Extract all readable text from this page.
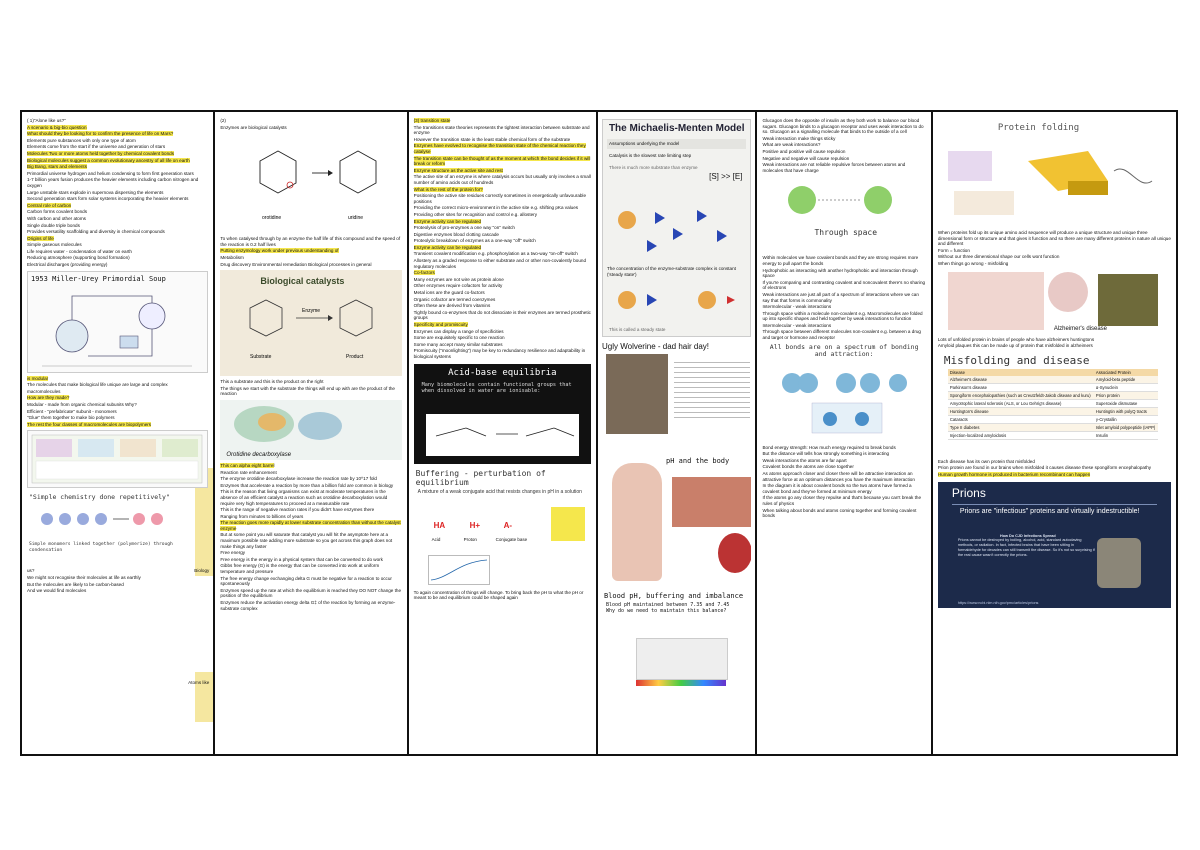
( 1)"Alone like us?"
A scenario & big-bio question
What should they be looking for to confirm the presence of life on Mars?
Elements pure substances with only one type of atom
Elements come from the start if the universe and generation of stars
Molecules Two or more atoms held together by chemical covalent bonds
Biological molecules suggest a common evolutionary ancestry of all life on earth
Big Bang, stars and elements
Primordial universe hydrogen and helium condensing to form first generation stars
1-7 billion years fusion produces the heavier elements including carbon nitrogen and oxygen
Large unstable stars explode in supernova dispersing the elements
Second generation stars form solar systems incorporating the heavier elements
Central role of carbon
Carbon forms covalent bonds
With carbon and other atoms
Single double triple bonds
Provides versatility scaffolding and diversity in chemical compounds
Origins of life
Simple gaseous molecules
Life requires water - condensation of water on earth
Reducing atmosphere (supporting bond formation)
Electrical discharges (providing energy)
1953 Miller-Urey Primordial Soup
Biology
is modular
The molecules that make biological life unique are large and complex
macromolecules
How are they made?
Modular - made from organic chemical subunits Why?
Efficient - "prefabricate" subunit - monomers
"Glue" them together to make bio polymers
The rest the four classes of macromolecules are biopolymers
"Simple chemistry done repetitively"
Simple monomers linked together (polymerize) through condensation
Atoms like
us?
We might not recognise their molecules at life as earthly
But the molecules are likely to be carbon-based
And we would find molecules
(2)
Enzymes are biological catalysts
orotidine	uridine
To when catalysed through by an enzyme the half life of this compound and the speed of the reaction is 0.2 half lives
Putting enzymology work under previous understanding of
Metabolism
Drug discovery Environmental remediation Biological processes in general
Biological catalysts
Enzyme
Substrate	Product
This a substrate and this is the product on the right
The things we start with the substrate the things will end up with are the product of the reaction
Orotidine decarboxylase
This can alpha eight barrel
Reaction rate enhancement
The enzyme orotidine decarboxylase increase the reaction rate by 10^17 fold
Enzymes that accelerate a reaction by more than a billion fold are common in biology
This is the reason that living organisms can exist at moderate temperatures in the absence of an efficient catalyst a reaction such as orotidine decarboxylation would require very high temperatures to proceed at a measurable rate
This is the range of negative reaction rates if you didn't have enzymes there
Ranging from minutes to billions of years
The reaction goes more rapidly at lower substrate concentration than without the catalyst enzyme
But at some point you will saturate that catalyst you will hit the asymptote here at a maximum possible rate adding more substrate so you get across this graph does not make things any faster
Free energy
Free energy is the energy in a physical system that can be converted to do work
Gibbs free energy (G) is the energy that can be converted into work at uniform temperature and pressure
The free energy change exchanging delta G must be negative for a reaction to occur spontaneously
Enzymes speed up the rate at which the equilibrium is reached they DO NOT change the position of the equilibrium
Enzymes reduce the activation energy delta G‡ of the reaction by forming an enzyme-substrate complex
(3) transition state
The transitions state theories represents the tightest interaction between substrate and enzyme
However the transition state is the least stable chemical form of the substrate
Enzymes have evolved to recognise the transition state of the chemical reaction they catalyse
The transition state can be thought of as the moment at which the bond decides if it will break or reform
Enzyme structure as the active site and rest
The active site of an enzyme is where catalysis occurs but usually only involves a small number of amino acids out of hundreds
What is the rest of the protein for?
Positioning the active site residues correctly sometimes in energetically unfavourable positions
Providing the correct micro-environment in the active site e.g. shifting pKa values
Providing other sites for recognition and control e.g. allostery
Enzyme activity can be regulated
Proteolysis of pro-enzymes a one way "on" switch
Digestive enzymes blood clotting cascade
Proteolytic breakdown of enzymes as a one-way "off" switch
Enzyme activity can be regulated
Transient covalent modification e.g. phosphorylation as a two-way "on-off" switch
Allostery as a graded response to either substrate and or other non-covalently bound regulatory molecules
Co-factors
Many enzymes are not wire as protein alone
Other enzymes require cofactors for activity
Metal ions are the guard co-factors
Organic cofactor are termed coenzymes
Often these are derived from vitamins
Tightly bound co-enzymes that do not dissociate is their enzymes are termed prosthetic groups
Specificity and promiscuity
Enzymes can display a range of specificities
Some are exquisitely specific to one reaction
Some many accept many similar substrates
Promiscuity ("moonlighting") may be key to redundancy resilience and adaptability in biological systems
Acid-base equilibria
Many biomolecules contain functional groups that when dissolved in water are ionisable:
Buffering - perturbation of equilibrium
A mixture of a weak conjugate acid that resists changes in pH in a solution
HA	H+	A-
Acid	Proton	Conjugate base
To again concentration of things will change. To bring back the pH to what the pH or meant to be and equilibrium could be shaped again
The Michaelis-Menten Model
Assumptions underlying the model
Catalysis is the slowest rate limiting step
There is much more substrate than enzyme
[S] >> [E]
The concentration of the enzyme-substrate complex is constant ('steady state')
This is called a steady state
Ugly Wolverine - dad hair day!
pH and the body
Blood pH, buffering and imbalance
Blood pH maintained between 7.35 and 7.45
Why do we need to maintain this balance?
Glucagon does the opposite of insulin as they both work to balance our blood sugars. Glucagon binds to a glucagon receptor and uses weak interaction to do so. Glucagon as a signalling molecule that binds to the outside of a cell
Weak interaction make things sticky
What are weak interactions?
Positive and positive will cause repulsion
Negative and negative will cause repulsion
Weak interactions are not reliable repulsive forces between atoms and molecules that have charge
Through space
Within molecules we have covalent bonds and they are strong requires more energy to pull apart the bonds
Hydrophobic as interacting with another hydrophobic and interaction through space
If you're comparing and contrasting covalent and noncovalent there's no sharing of electrons
Weak interactions are just all part of a spectrum of interactions where we can say that that forms is commonality
Intermolecular - weak interactions
Through space within a molecule non-covalent e.g. Macromolecules are folded up into specific shapes and held together by weak interactions to function
Intermolecular - weak interactions
Through space between different molecules non-covalent e.g. between a drug and target or hormone and receptor
All bonds are on a spectrum of bonding and attraction:
Bond energy strength: How much energy required to break bonds
But the distance will tells how strongly something is interacting
Weak interactions the atoms are far apart
Covalent bonds the atoms are close together
As atoms approach closer and closer there will be attractive interaction an attractive force at an optimum distances you have the maximum interaction
In the diagram it is about covalent bonds so the two atoms have formed a covalent bond and they've formed at minimum energy
If the atoms go any closer they repulse and that's because you can't break the rules of physics
When talking about bonds and atoms coming together and forming covalent bonds
Protein folding
When proteins fold up its unique amino acid sequence will produce a unique structure and unique three dimensional form or structure and that gives it function and so there are many different proteins in nature all unique and different
Form = function
Without our three dimensional shape our cells wont function
When things go wrong - misfolding
Alzheimer's disease
Lots of unfolded protein in brains of people who have alzheimers huntingtons
Amyloid plaques this can be made up of protein that misfolded in alzheimers
Misfolding and disease
Disease	Associated Protein
Alzheimer's disease	Amyloid-beta peptide
Parkinson's disease	α-Synuclein
Spongiform encephalopathies (such as Creutzfeldt-Jakob disease and kuru)	Prion protein
Amyotrophic lateral sclerosis (ALS, or Lou Gehrig's disease)	Superoxide dismutase
Huntington's disease	Huntingtin with polyQ tracts
Cataracts	γ-Crystallin
Type II diabetes	Islet amyloid polypeptide (IAPP)
Injection-localized amyloidosis	Insulin
Each disease has its own protein that misfolded
Prion protein are found in our brains when misfolded it causes disease these spongiform encephalopathy
Human growth hormone is produced in bacterium recombinant can happen
Prions
Prions are "infectious" proteins and virtually indestructible!
How Do CJD Infections Spread
Prions cannot be destroyed by boiling, alcohol, acid, standard autoclaving methods, or radiation. In fact, infected brains that have been sitting in formaldehyde for decades can still transmit the disease. So it's not so surprising if the real cause wasn't correctly the prions.
https://www.ncbi.nlm.nih.gov/pmc/articles/prions
